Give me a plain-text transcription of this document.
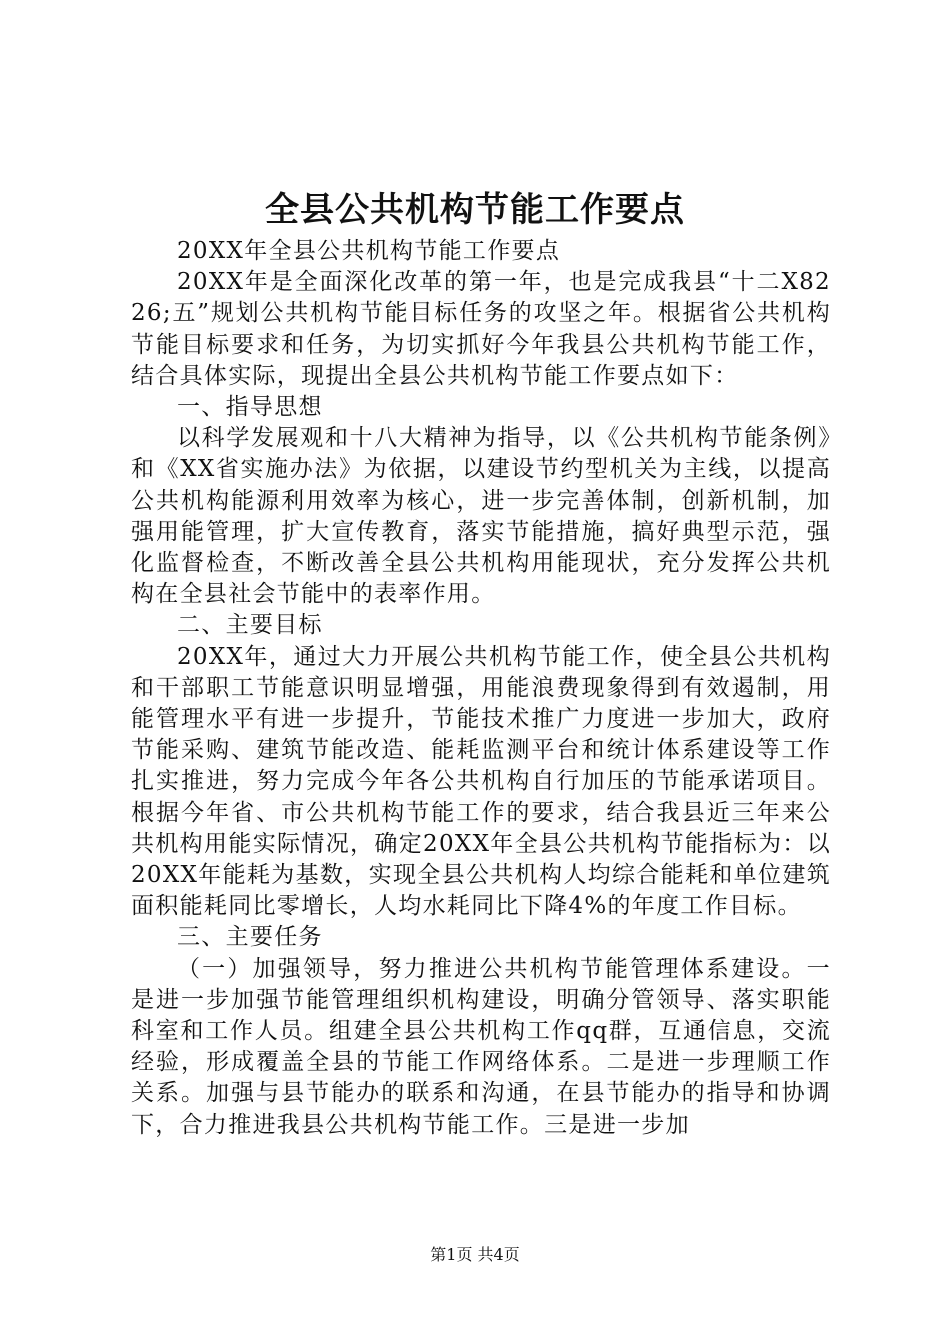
全县公共机构节能工作要点

20XX年全县公共机构节能工作要点

20XX年是全面深化改革的第一年，也是完成我县“十二X8226;五”规划公共机构节能目标任务的攻坚之年。根据省公共机构节能目标要求和任务，为切实抓好今年我县公共机构节能工作，结合具体实际，现提出全县公共机构节能工作要点如下：

一、指导思想

以科学发展观和十八大精神为指导，以《公共机构节能条例》和《XX省实施办法》为依据，以建设节约型机关为主线，以提高公共机构能源利用效率为核心，进一步完善体制，创新机制，加强用能管理，扩大宣传教育，落实节能措施，搞好典型示范，强化监督检查，不断改善全县公共机构用能现状，充分发挥公共机构在全县社会节能中的表率作用。

二、主要目标

20XX年，通过大力开展公共机构节能工作，使全县公共机构和干部职工节能意识明显增强，用能浪费现象得到有效遏制，用能管理水平有进一步提升，节能技术推广力度进一步加大，政府节能采购、建筑节能改造、能耗监测平台和统计体系建设等工作扎实推进，努力完成今年各公共机构自行加压的节能承诺项目。根据今年省、市公共机构节能工作的要求，结合我县近三年来公共机构用能实际情况，确定20XX年全县公共机构节能指标为：以20XX年能耗为基数，实现全县公共机构人均综合能耗和单位建筑面积能耗同比零增长，人均水耗同比下降4%的年度工作目标。

三、主要任务

（一）加强领导，努力推进公共机构节能管理体系建设。一是进一步加强节能管理组织机构建设，明确分管领导、落实职能科室和工作人员。组建全县公共机构工作qq群，互通信息，交流经验，形成覆盖全县的节能工作网络体系。二是进一步理顺工作关系。加强与县节能办的联系和沟通，在县节能办的指导和协调下，合力推进我县公共机构节能工作。三是进一步加

第1页 共4页
